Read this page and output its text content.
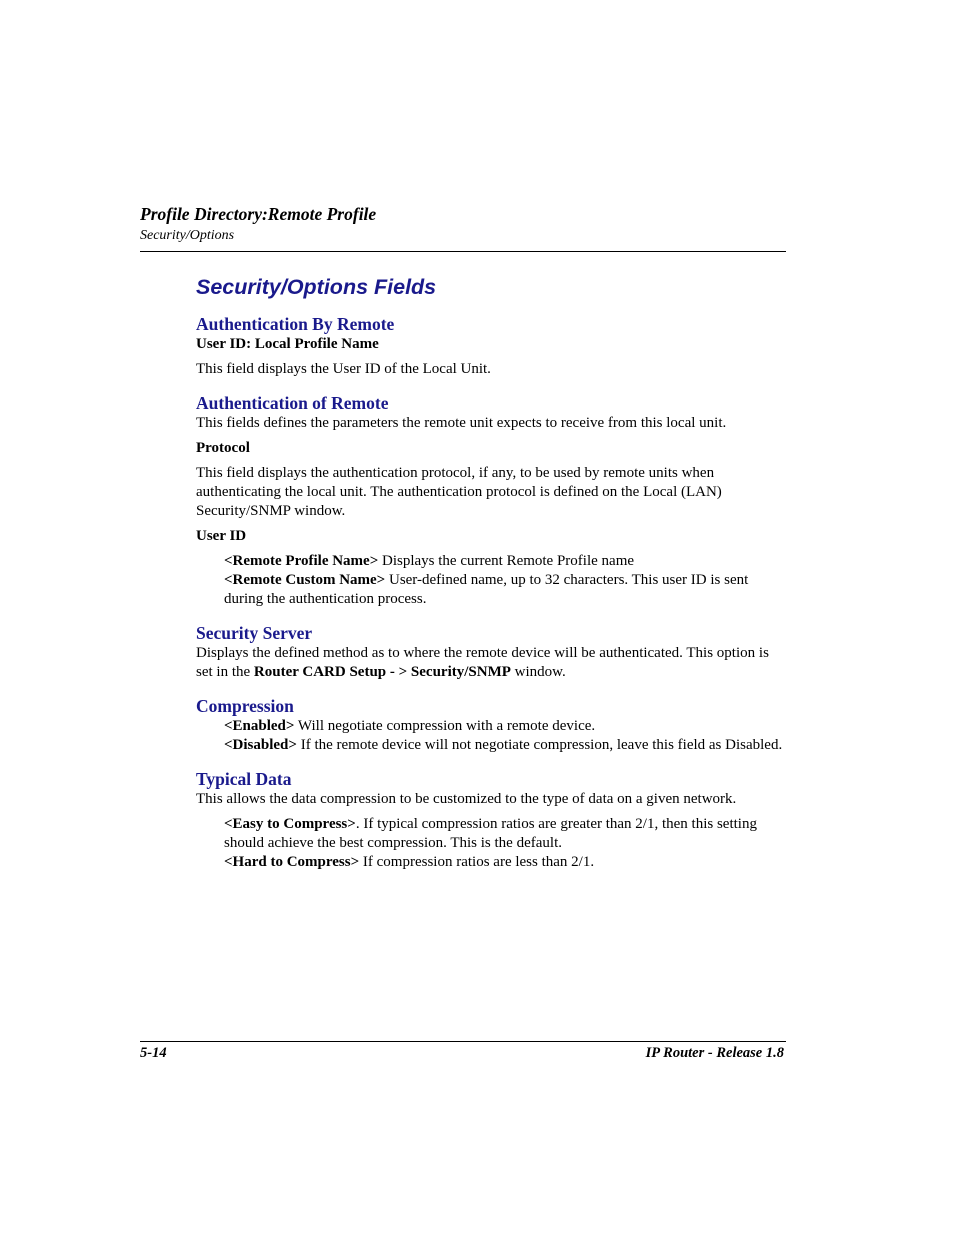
Profile Directory:Remote Profile
Security/Options
Security/Options Fields
Authentication By Remote
User ID: Local Profile Name

This field displays the User ID of the Local Unit.

Authentication of Remote

This fields defines the parameters the remote unit expects to receive from this local unit.

Protocol

This field displays the authentication protocol, if any, to be used by remote units when authenticating the local unit. The authentication protocol is defined on the Local (LAN) Security/SNMP window.

User ID

<Remote Profile Name> Displays the current Remote Profile name

<Remote Custom Name> User-defined name, up to 32 characters. This user ID is sent during the authentication process.

Security Server

Displays the defined method as to where the remote device will be authenticated. This option is set in the Router CARD Setup - > Security/SNMP window.

Compression

<Enabled> Will negotiate compression with a remote device.

<Disabled> If the remote device will not negotiate compression, leave this field as Disabled.

Typical Data

This allows the data compression to be customized to the type of data on a given network.

<Easy to Compress>. If typical compression ratios are greater than 2/1, then this setting should achieve the best compression. This is the default.

<Hard to Compress> If compression ratios are less than 2/1.

5-14	IP Router - Release 1.8
